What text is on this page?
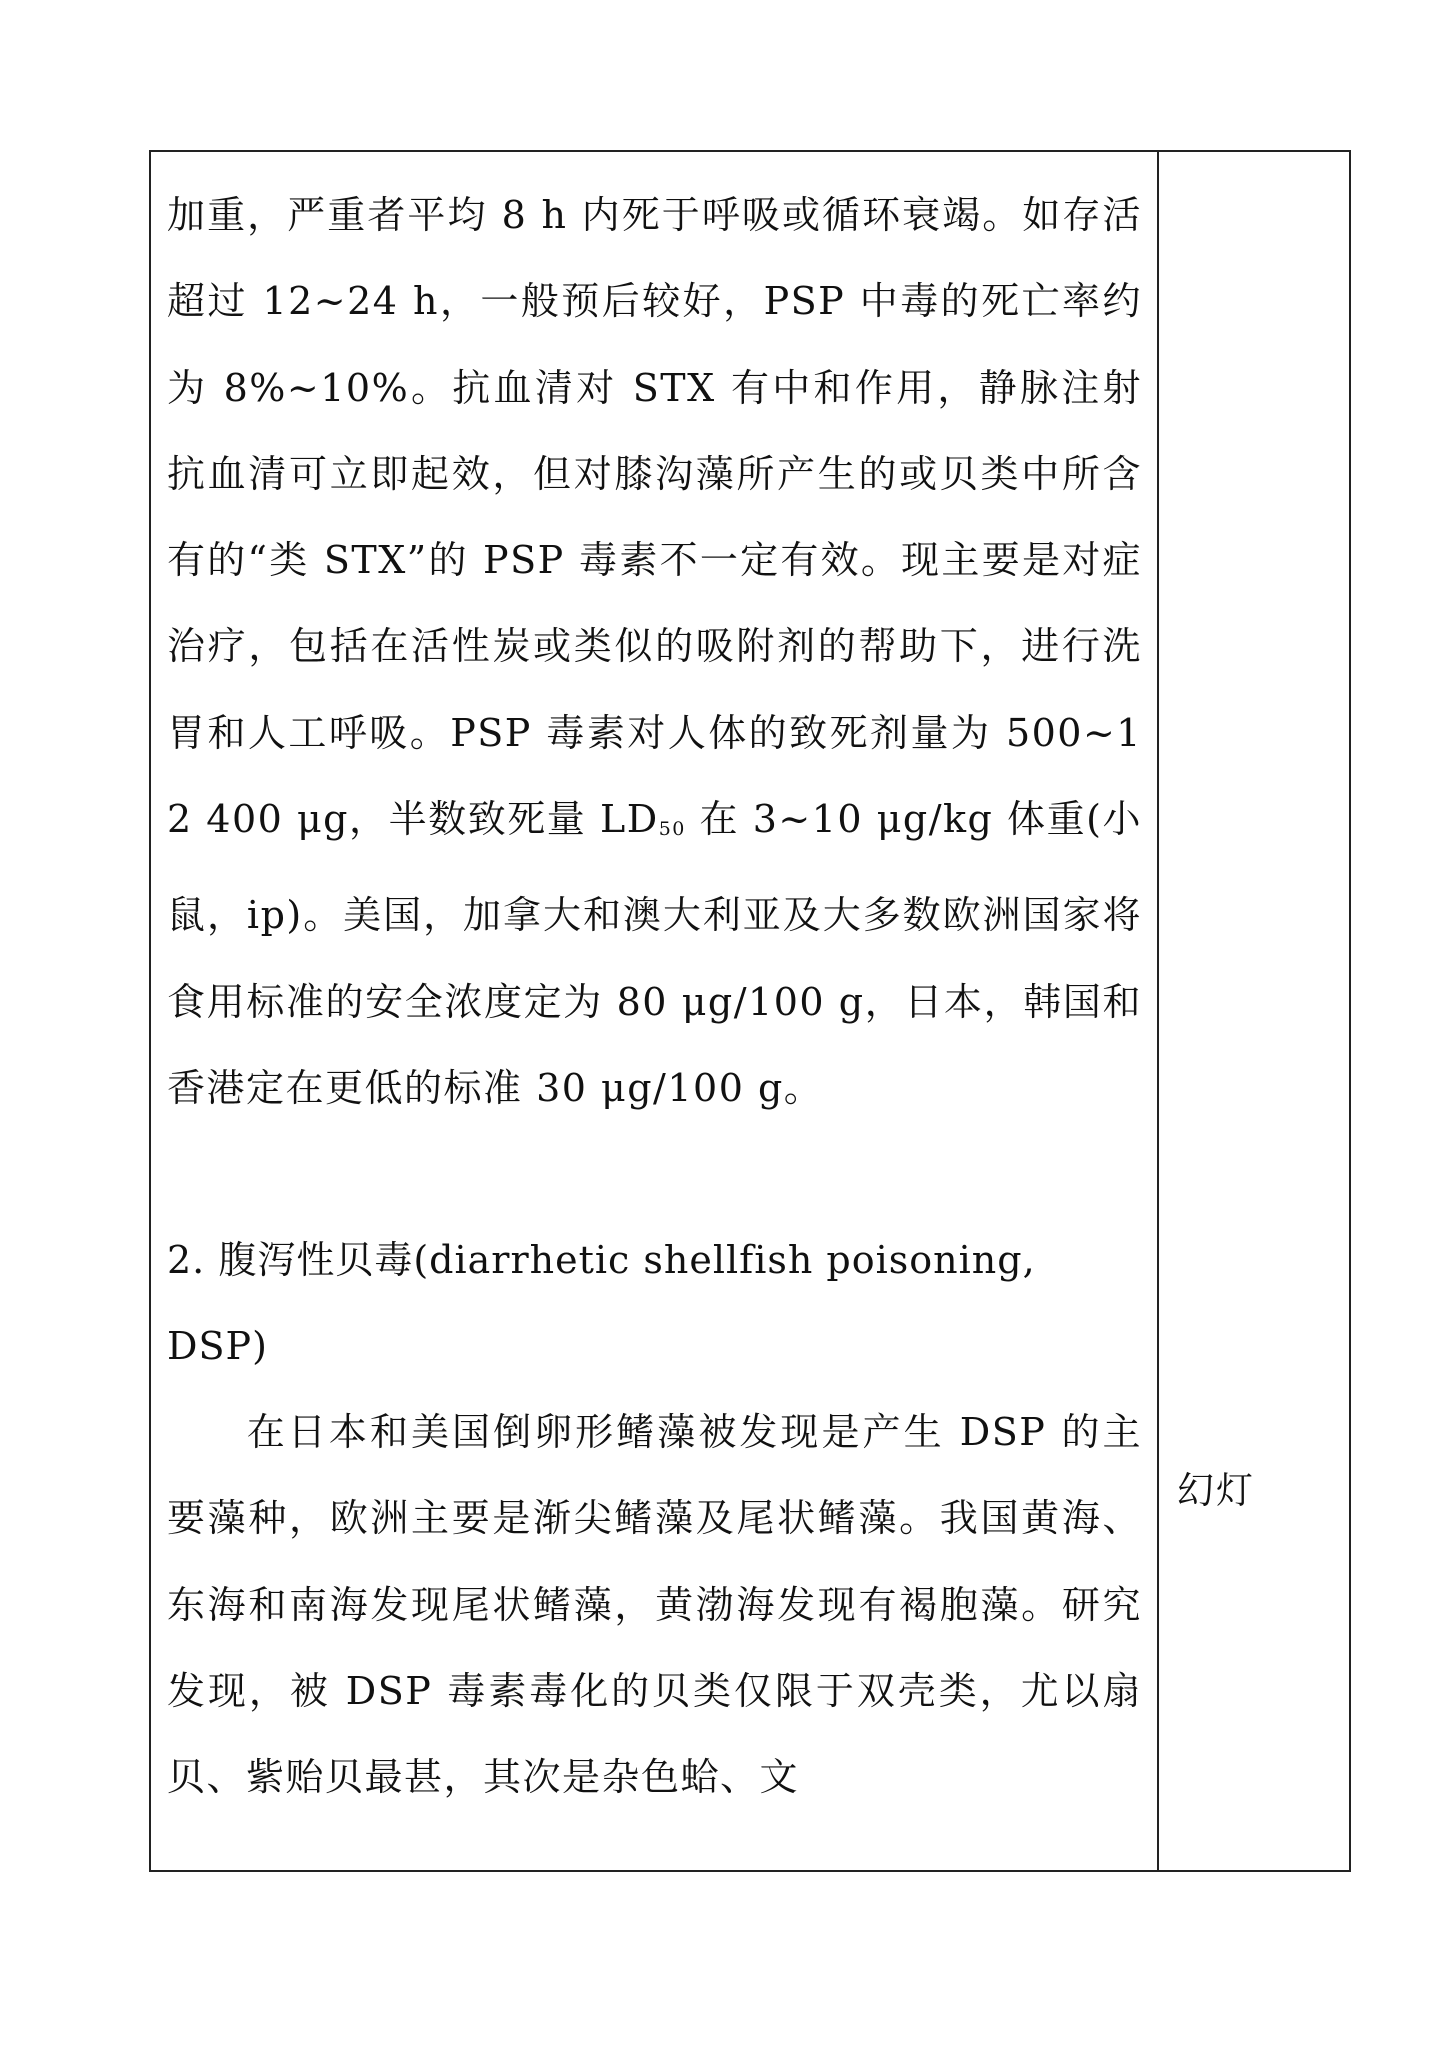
加重，严重者平均 8 h 内死于呼吸或循环衰竭。如存活超过 12~24 h，一般预后较好，PSP 中毒的死亡率约为 8%~10%。抗血清对 STX 有中和作用，静脉注射抗血清可立即起效，但对膝沟藻所产生的或贝类中所含有的“类 STX”的 PSP 毒素不一定有效。现主要是对症治疗，包括在活性炭或类似的吸附剂的帮助下，进行洗胃和人工呼吸。PSP 毒素对人体的致死剂量为 500~12 400 μg，半数致死量 $LD_{50}$ 在 3~10 μg/kg 体重(小鼠，ip)。美国，加拿大和澳大利亚及大多数欧洲国家将食用标准的安全浓度定为 80 μg/100 g，日本，韩国和香港定在更低的标准 30 μg/100 g。

2. 腹泻性贝毒(diarrhetic shellfish poisoning,
DSP)

在日本和美国倒卵形鳍藻被发现是产生 DSP 的主要藻种，欧洲主要是渐尖鳍藻及尾状鳍藻。我国黄海、东海和南海发现尾状鳍藻，黄渤海发现有褐胞藻。研究发现，被 DSP 毒素毒化的贝类仅限于双壳类，尤以扇贝、紫贻贝最甚，其次是杂色蛤、文

幻灯
